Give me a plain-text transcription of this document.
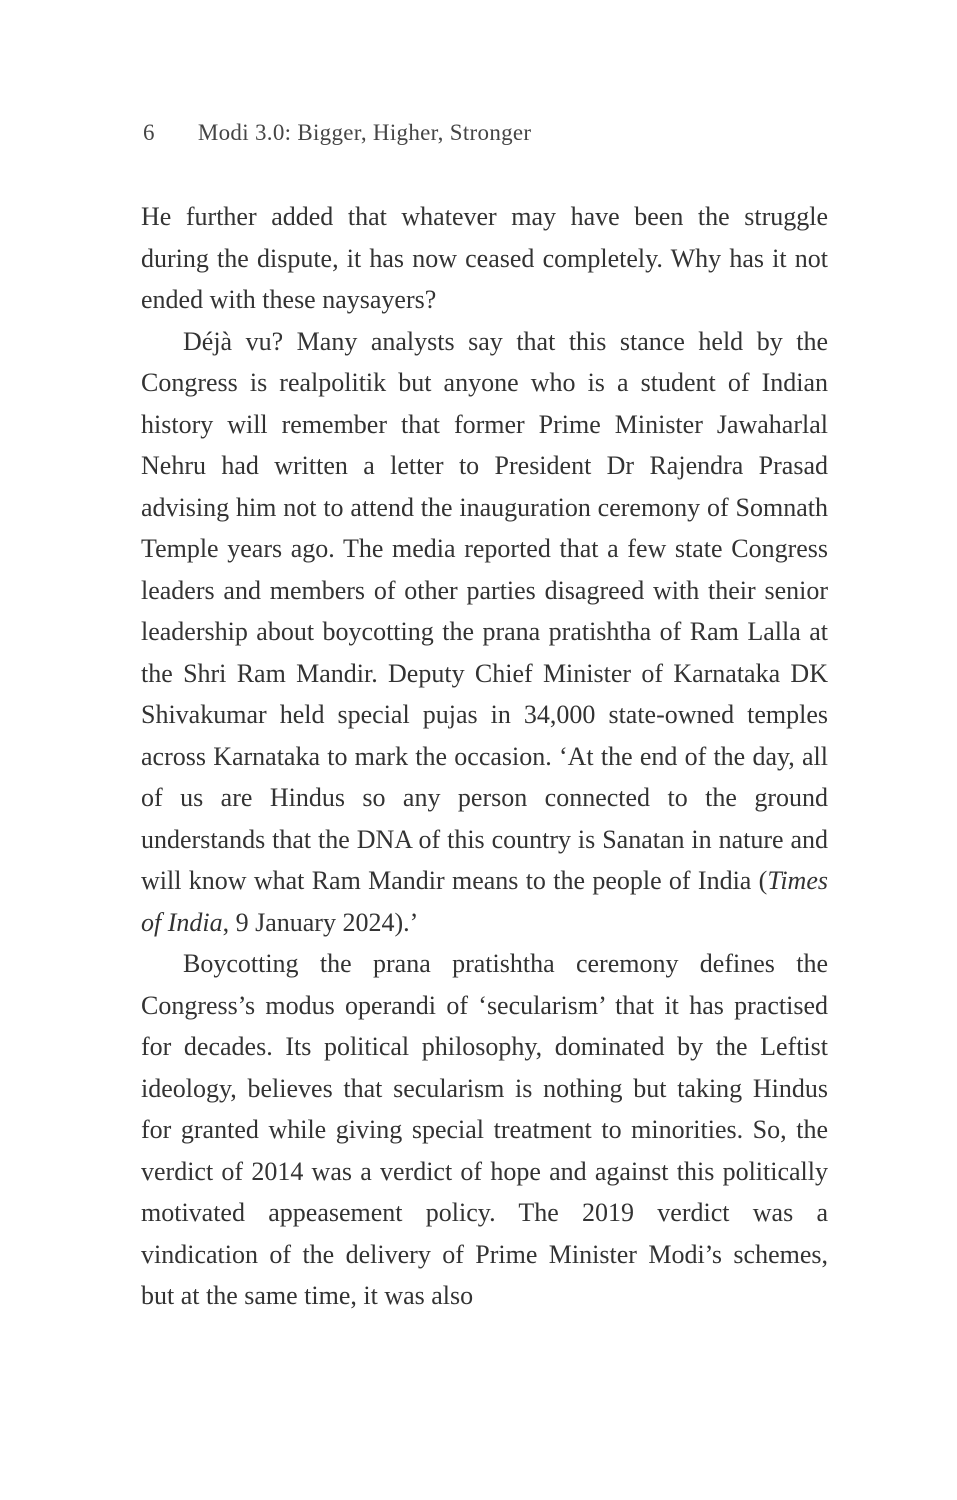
6 Modi 3.0: Bigger, Higher, Stronger

He further added that whatever may have been the struggle during the dispute, it has now ceased completely. Why has it not ended with these naysayers?

Déjà vu? Many analysts say that this stance held by the Congress is realpolitik but anyone who is a student of Indian history will remember that former Prime Minister Jawaharlal Nehru had written a letter to President Dr Rajendra Prasad advising him not to attend the inauguration ceremony of Somnath Temple years ago. The media reported that a few state Congress leaders and members of other parties disagreed with their senior leadership about boycotting the prana pratishtha of Ram Lalla at the Shri Ram Mandir. Deputy Chief Minister of Karnataka DK Shivakumar held special pujas in 34,000 state-owned temples across Karnataka to mark the occasion. ‘At the end of the day, all of us are Hindus so any person connected to the ground understands that the DNA of this country is Sanatan in nature and will know what Ram Mandir means to the people of India (Times of India, 9 January 2024).’

Boycotting the prana pratishtha ceremony defines the Congress’s modus operandi of ‘secularism’ that it has practised for decades. Its political philosophy, dominated by the Leftist ideology, believes that secularism is nothing but taking Hindus for granted while giving special treatment to minorities. So, the verdict of 2014 was a verdict of hope and against this politically motivated appeasement policy. The 2019 verdict was a vindication of the delivery of Prime Minister Modi’s schemes, but at the same time, it was also
